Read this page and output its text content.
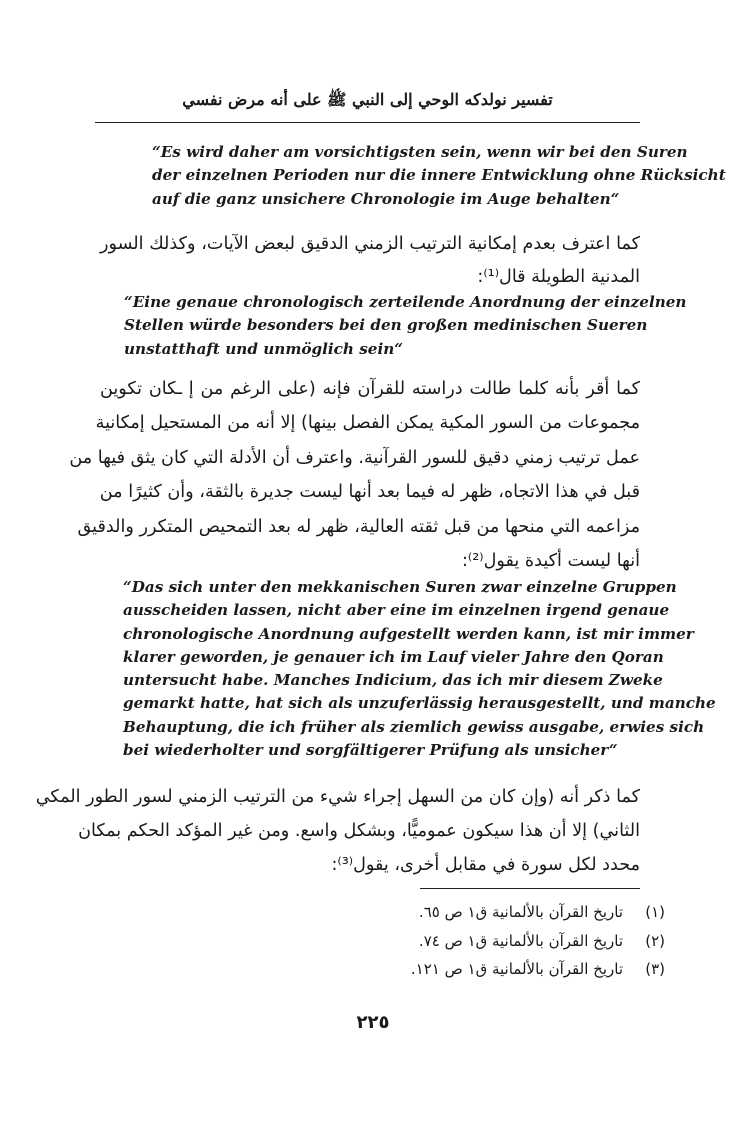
تفسير نولدكه الوحي إلى النبي ﷺ على أنه مرض نفسي
“Es wird daher am vorsichtigsten sein, wenn wir bei den Suren
der einzelnen Perioden nur die innere Entwicklung ohne Rücksicht
auf die ganz unsichere Chronologie im Auge behalten“
كما اعترف بعدم إمكانية الترتيب الزمني الدقيق لبعض الآيات، وكذلك السور
المدنية الطويلة قال⁽¹⁾:
“Eine genaue chronologisch zerteilende Anordnung der einzelnen
Stellen würde besonders bei den großen medinischen Sueren
unstatthaft und unmöglich sein“
كما أقر بأنه كلما طالت دراسته للقرآن فإنه (على الرغم من إ ـكان تكوين
مجموعات من السور المكية يمكن الفصل بينها) إلا أنه من المستحيل إمكانية
عمل ترتيب زمني دقيق للسور القرآنية. واعترف أن الأدلة التي كان يثق فيها من
قبل في هذا الاتجاه، ظهر له فيما بعد أنها ليست جديرة بالثقة، وأن كثيرًا من
مزاعمه التي منحها من قبل ثقته العالية، ظهر له بعد التمحيص المتكرر والدقيق
أنها ليست أكيدة يقول⁽²⁾:
“Das sich unter den mekkanischen Suren zwar einzelne Gruppen
ausscheiden lassen, nicht aber eine im einzelnen irgend genaue
chronologische Anordnung aufgestellt werden kann, ist mir immer
klarer geworden, je genauer ich im Lauf vieler Jahre den Qoran
untersucht habe. Manches Indicium, das ich mir diesem Zweke
gemarkt hatte, hat sich als unzuferlässig herausgestellt, und manche
Behauptung, die ich früher als ziemlich gewiss ausgabe, erwies sich
bei wiederholter und sorgfältigerer Prüfung als unsicher“
كما ذكر أنه (وإن كان من السهل إجراء شيء من الترتيب الزمني لسور الطور المكي
الثاني) إلا أن هذا سيكون عموميًّا، وبشكل واسع. ومن غير المؤكد الحكم بمكان
محدد لكل سورة في مقابل أخرى، يقول⁽³⁾:
(١)تاريخ القرآن بالألمانية ق١ ص ٦٥.
(٢)تاريخ القرآن بالألمانية ق١ ص ٧٤.
(٣)تاريخ القرآن بالألمانية ق١ ص ١٢١.
٢٢٥
